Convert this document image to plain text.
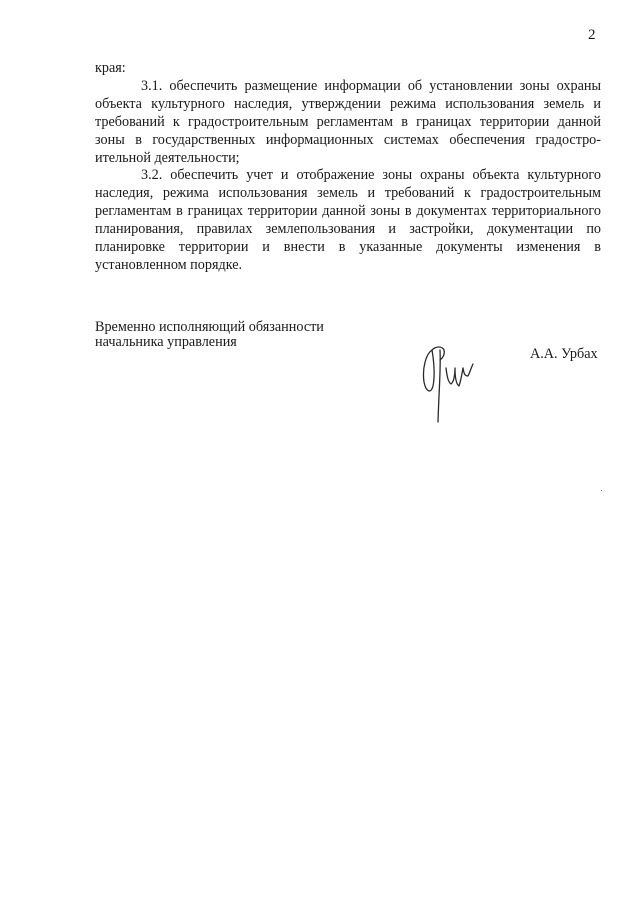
2

края:

3.1. обеспечить размещение информации об установлении зоны охраны объекта культурного наследия, утверждении режима использования земель и требований к градостроительным регламентам в границах территории данной зоны в государственных информационных системах обеспечения градостроительной деятельности;

3.2. обеспечить учет и отображение зоны охраны объекта культурного наследия, режима использования земель и требований к градостроительным регламентам в границах территории данной зоны в документах территориального планирования, правилах землепользования и застройки, документации по планировке территории и внести в указанные документы изменения в установленном порядке.

Временно исполняющий обязанности
начальника управления
А.А. Урбах
